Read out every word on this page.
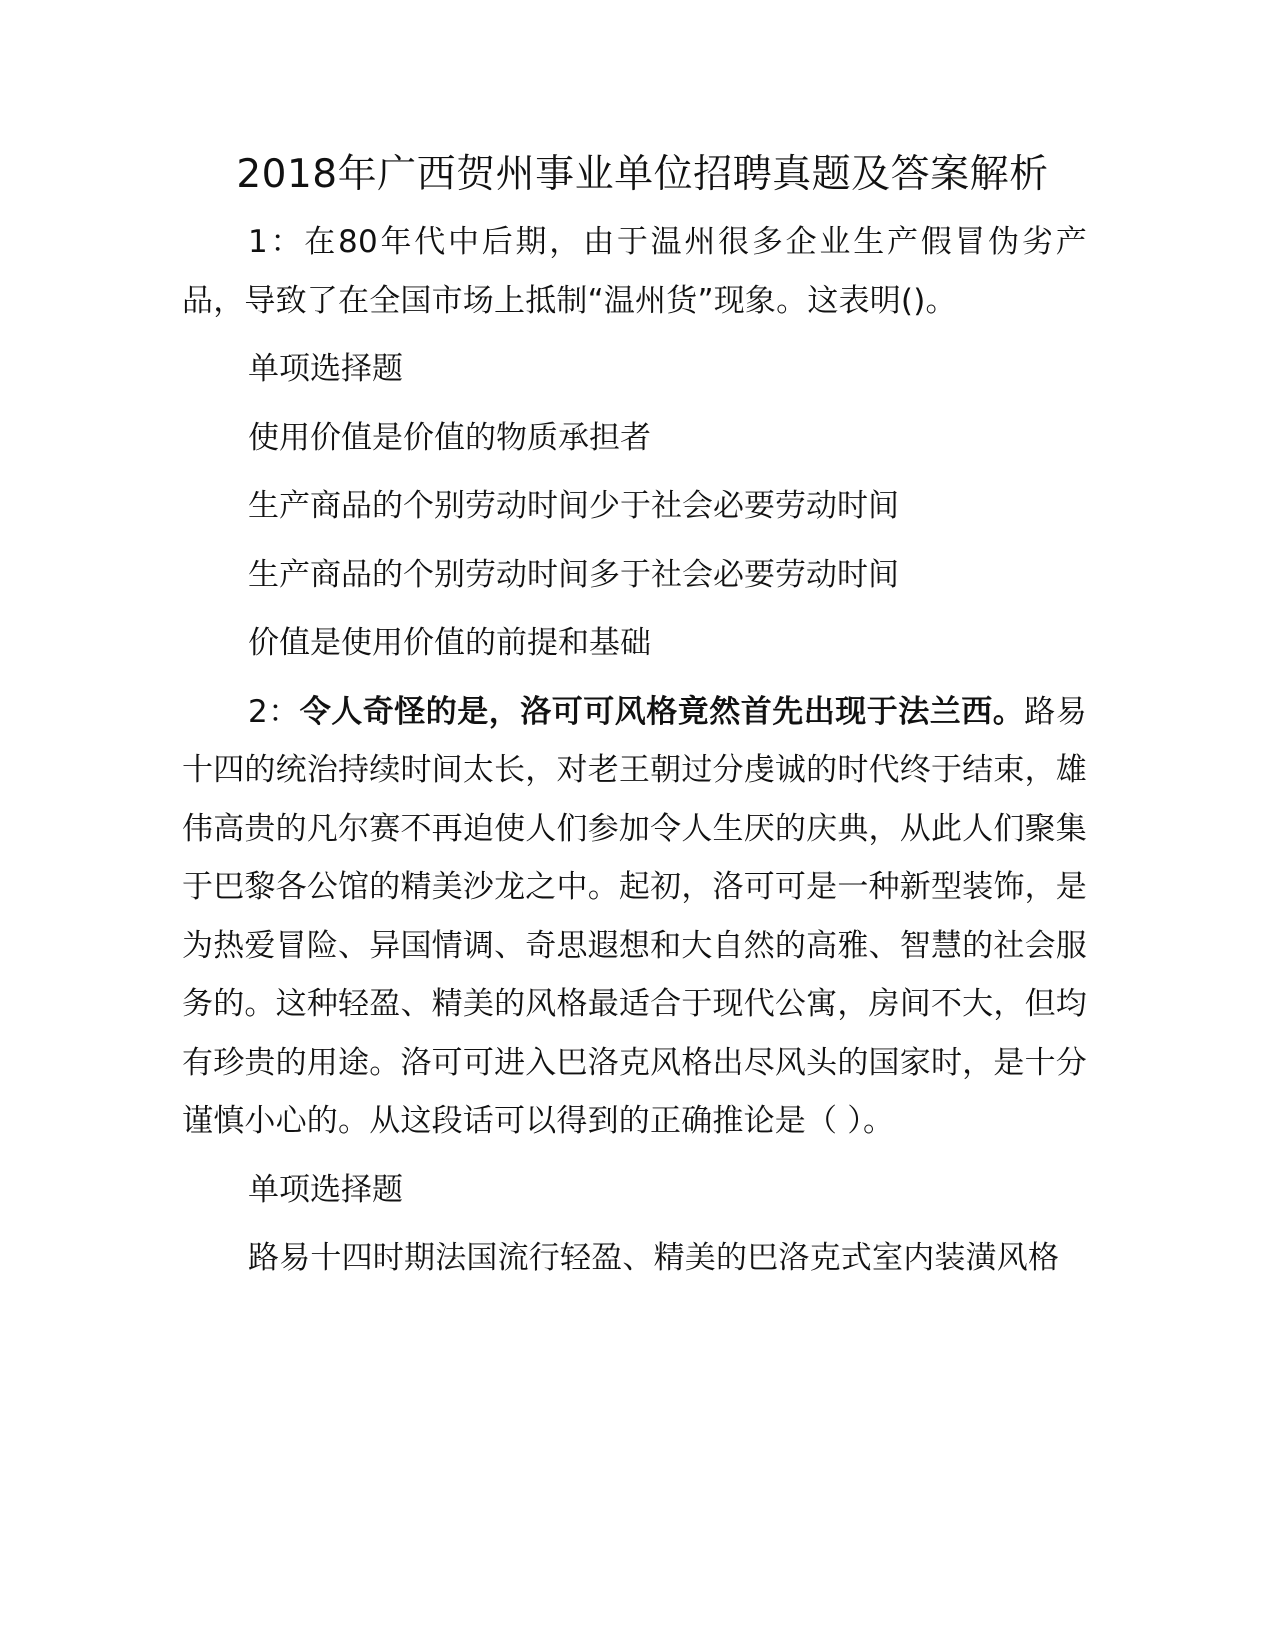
2018年广西贺州事业单位招聘真题及答案解析

1：在80年代中后期，由于温州很多企业生产假冒伪劣产品，导致了在全国市场上抵制“温州货”现象。这表明()。

单项选择题

使用价值是价值的物质承担者

生产商品的个别劳动时间少于社会必要劳动时间

生产商品的个别劳动时间多于社会必要劳动时间

价值是使用价值的前提和基础

2：令人奇怪的是，洛可可风格竟然首先出现于法兰西。路易十四的统治持续时间太长，对老王朝过分虔诚的时代终于结束，雄伟高贵的凡尔赛不再迫使人们参加令人生厌的庆典，从此人们聚集于巴黎各公馆的精美沙龙之中。起初，洛可可是一种新型装饰，是为热爱冒险、异国情调、奇思遐想和大自然的高雅、智慧的社会服务的。这种轻盈、精美的风格最适合于现代公寓，房间不大，但均有珍贵的用途。洛可可进入巴洛克风格出尽风头的国家时，是十分谨慎小心的。从这段话可以得到的正确推论是（ ）。

单项选择题

路易十四时期法国流行轻盈、精美的巴洛克式室内装潢风格
